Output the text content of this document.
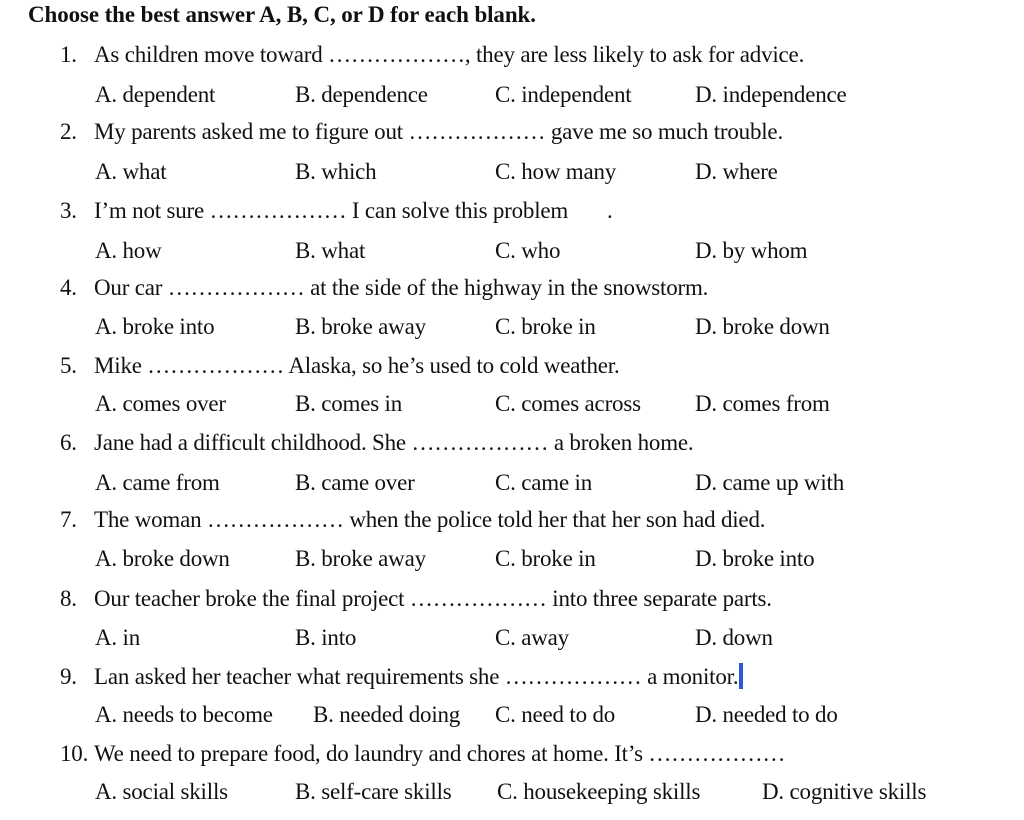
Choose the best answer A, B, C, or D for each blank.
1. As children move toward ………………, they are less likely to ask for advice.
A. dependent	B. dependence	C. independent	D. independence
2. My parents asked me to figure out ……………… gave me so much trouble.
A. what	B. which	C. how many	D. where
3. I’m not sure ……………… I can solve this problem       .
A. how	B. what	C. who	D. by whom
4. Our car ……………… at the side of the highway in the snowstorm.
A. broke into	B. broke away	C. broke in	D. broke down
5. Mike ……………… Alaska, so he’s used to cold weather.
A. comes over	B. comes in	C. comes across D. comes from
6. Jane had a difficult childhood. She ……………… a broken home.
A. came from	B. came over	C. came in	D. came up with
7. The woman ……………… when the police told her that her son had died.
A. broke down	B. broke away	C. broke in	D. broke into
8. Our teacher broke the final project ……………… into three separate parts.
A. in	B. into	C. away	D. down
9. Lan asked her teacher what requirements she ……………… a monitor.
A. needs to become B. needed doing C. need to do	D. needed to do
10. We need to prepare food, do laundry and chores at home. It’s ………………
A. social skills	B. self-care skills C. housekeeping skills	D. cognitive skills
